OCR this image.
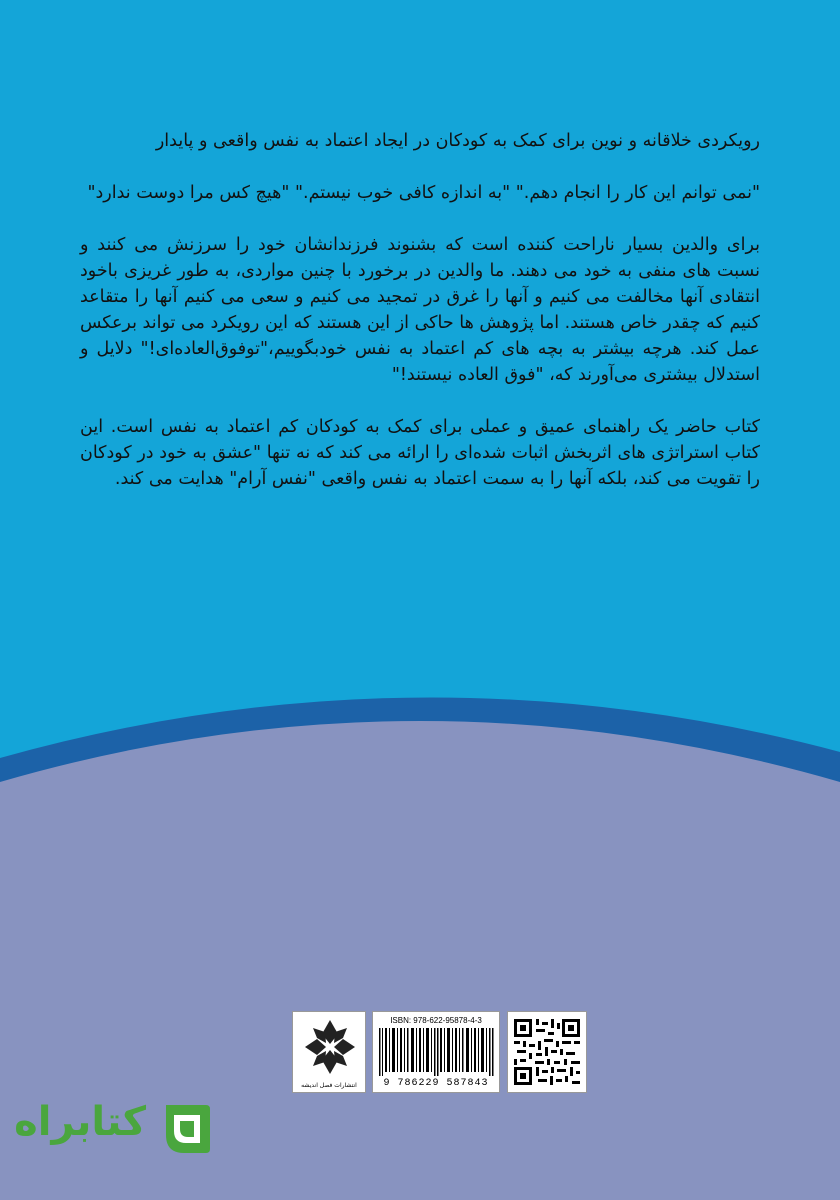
رویکردی خلاقانه و نوین برای کمک به کودکان در ایجاد اعتماد به نفس واقعی و پایدار

"نمی توانم این کار را انجام دهم." "به اندازه کافی خوب نیستم." "هیچ کس مرا دوست ندارد"

برای والدین بسیار ناراحت کننده است که بشنوند فرزندانشان خود را سرزنش می کنند و نسبت های منفی به خود می دهند. ما والدین در برخورد با چنین مواردی، به طور غریزی باخود انتقادی آنها مخالفت می کنیم و آنها را غرق در تمجید می کنیم و سعی می کنیم آنها را متقاعد کنیم که چقدر خاص هستند. اما پژوهش ها حاکی از این هستند که این رویکرد می تواند برعکس عمل کند. هرچه بیشتر به بچه های کم اعتماد به نفس خودبگوییم،"توفوق‌العاده‌ای!" دلایل و استدلال بیشتری می‌آورند که، "فوق العاده نیستند!"

کتاب حاضر یک راهنمای عمیق و عملی برای کمک به کودکان کم اعتماد به نفس است. این کتاب استراتژی های اثربخش اثبات شده‌ای را ارائه می کند که نه تنها "عشق به خود در کودکان را تقویت می کند، بلکه آنها را به سمت اعتماد به نفس واقعی "نفس آرام" هدایت می کند.

انتشارات فصل اندیشه
ISBN: 978-622-95878-4-3
9 786229 587843
کتابراه
